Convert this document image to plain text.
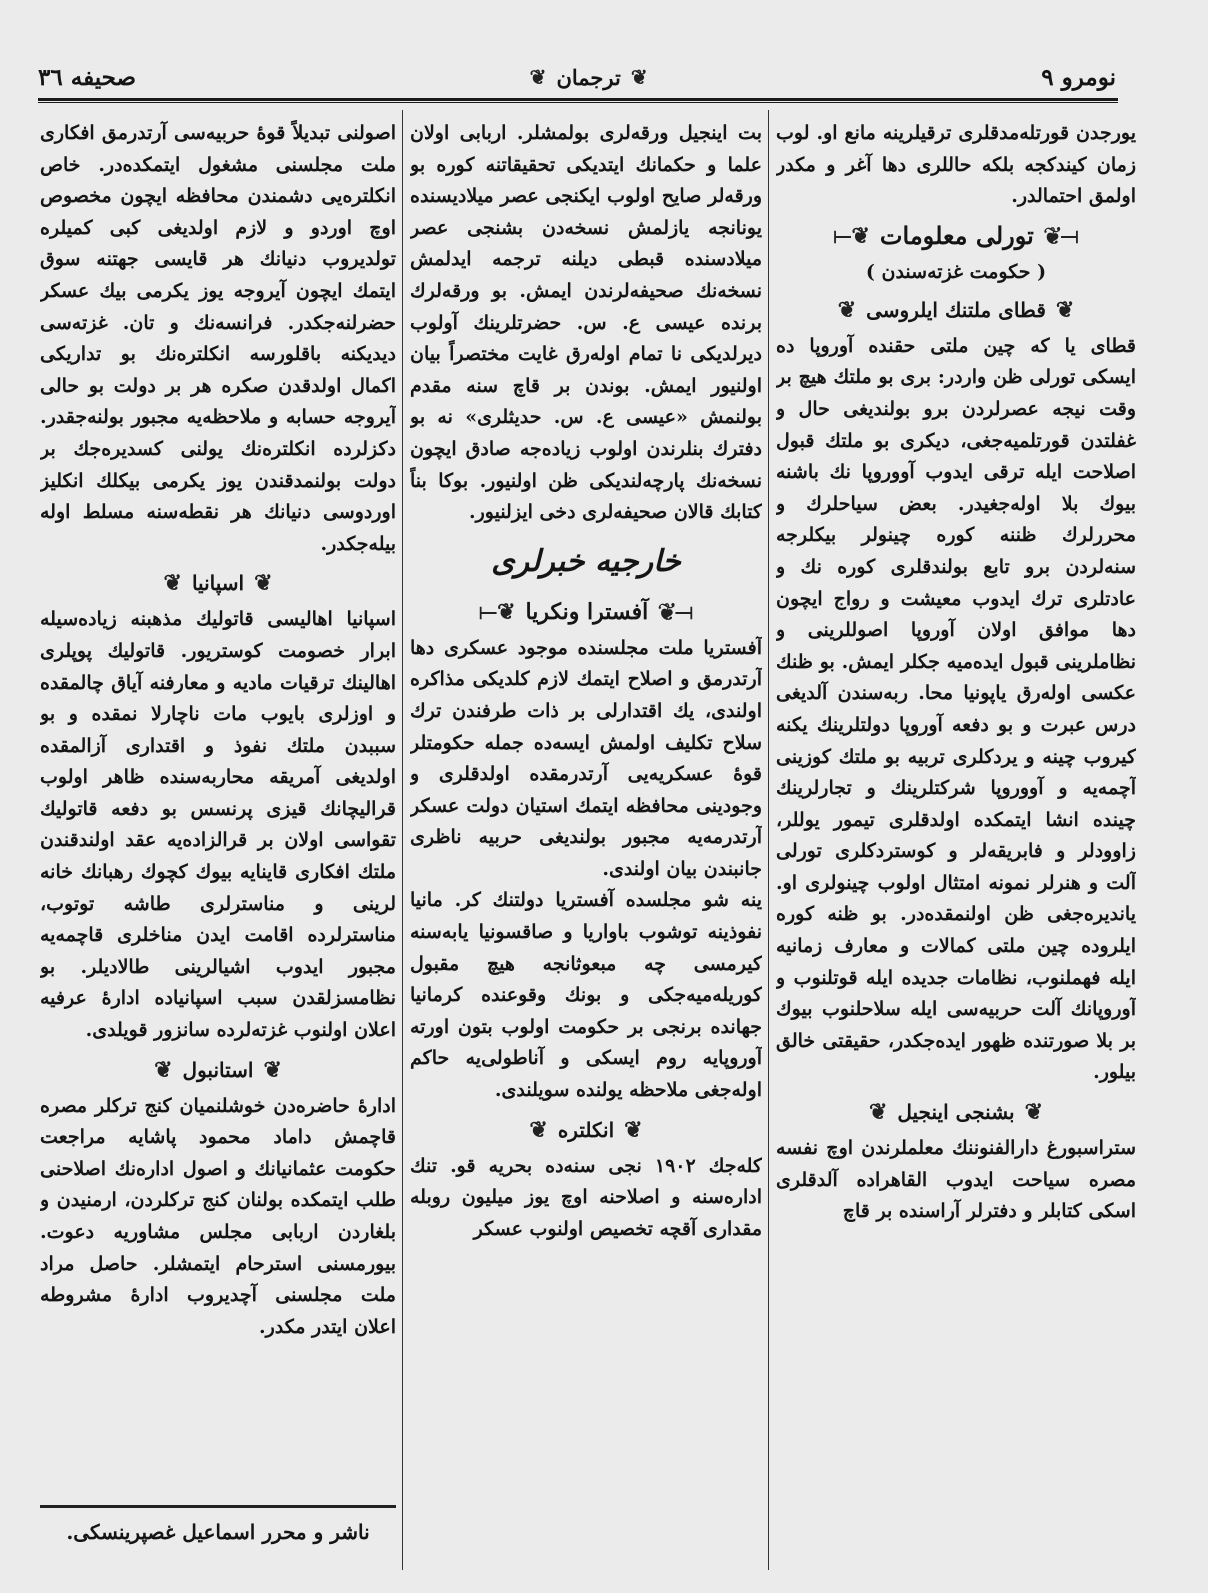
نومرو ۹
❦
ترجمان
❦
صحيفه ۳٦

يورجدن قورتلەمدقلرى ترقيلرينه مانع او. لوب زمان كيندكجه بلكه حاللرى دها آغر و مكدر اولمق احتمالدر.

⟝❦
تورلى معلومات
❦⟞
( حكومت غزته‌سندن )
❦
قطاى ملتنك ايلروسى
❦

قطاى يا كه چين ملتى حقنده آوروپا ده ايسكى تورلى ظن واردر: برى بو ملتك هيچ بر وقت نيجه عصرلردن برو بولنديغى حال و غفلتدن قورتلميەجغى، ديكرى بو ملتك قبول اصلاحت ايله ترقى ايدوب آووروپا نك باشنه بيوك بلا اوله‌جغيدر. بعض سياحلرك و محررلرك ظننه كوره چينولر بيكلرجه سنه‌لردن برو تابع بولندقلرى كوره نك و عادتلرى ترك ايدوب معيشت و رواج ايچون دها موافق اولان آوروپا اصوللرينى و نظاملرينى قبول ايدەميه جكلر ايمش. بو ظنك عكسى اوله‌رق ياپونيا محا. ربه‌سندن آلديغى درس عبرت و بو دفعه آوروپا دولتلرينك يكنه كيروب چينه و يردكلرى تربيه بو ملتك كوزينى آچمه‌يه و آووروپا شركتلرينك و تجارلرينك چينده انشا ايتمكده اولدقلرى تيمور يوللر، زاوودلر و فابريقه‌لر و كوستردكلرى تورلى آلت و هنرلر نمونه‌ امتثال اولوب چينولرى او. ياندیره‌جغى ظن اولنمقده‌در. بو ظنه كوره ايلروده چين ملتى كمالات و معارف زمانيه ايله فهملنوب، نظامات جديده ايله قوتلنوب و آوروپانك آلت حربيه‌سى ايله سلاحلنوب بيوك بر بلا صورتنده ظهور ايده‌جكدر، حقيقتى خالق بيلور.

❦
بشنجى اينجيل
❦

ستراسبورغ دارالفنوننك معلملرندن اوچ نفسه مصره سياحت ايدوب القاهراده آلدقلرى اسكى كتابلر و دفترلر آراسنده بر قاچ

بت اينجيل ورقه‌لرى بولمشلر. اربابى اولان علما و حكمانك ايتديكى تحقيقاتنه كوره بو ورقه‌لر صايح اولوب ايكنجى عصر ميلاديسنده يونانجه يازلمش نسخه‌دن بشنجى عصر ميلادسنده قبطى ديلنه ترجمه ايدلمش نسخه‌نك صحيفه‌لرندن ايمش. بو ورقه‌لرك برنده عيسى ع. س. حضرتلرينك آولوب ديرلديكى نا تمام اوله‌رق غايت مختصراً بيان اولنيور ايمش. بوندن بر قاچ سنه مقدم بولنمش «عيسى ع. س. حديثلرى» نه بو دفترك بنلرندن اولوب زياده‌جه صادق ايچون نسخه‌نك پارچه‌لنديكى ظن اولنيور. بوكا بناً كتابك قالان صحيفه‌لرى دخى ايزلنيور.

خارجيه خبرلرى
⟝❦
آفسترا ونكريا
❦⟞

آفستريا ملت مجلسنده موجود عسكرى دها آرتدرمق و اصلاح ايتمك لازم كلديكى مذاكره اولندى، يك اقتدارلى بر ذات طرفندن ترك سلاح تكليف اولمش ايسه‌ده جمله حكومتلر قوهٔ عسكريه‌يى آرتدرمقده اولدقلرى و وجودينى محافظه ايتمك استيان دولت عسكر آرتدرمه‌يه مجبور بولنديغى حربيه ناظرى جانبندن بيان اولندى.

ينه شو مجلسده آفستريا دولتنك كر. مانيا نفوذينه توشوب باواريا و صاقسونيا يابه‌سنه كيرمسى چه مبعوثانجه هيچ مقبول كوريله‌میه‌جكى و بونك وقوعنده كرمانيا جهانده برنجى بر حكومت اولوب بتون اورته آوروپايه روم ايسكى و آناطولى‌يه حاكم اوله‌جغى ملاحظه يولنده سويلندى.

❦
انكلتره
❦

كله‌جك ۱۹۰۲ نجى سنه‌ده بحريه قو. تنك ادارەسنه و اصلاحنه اوچ يوز ميليون روبله مقدارى آقچه تخصيص اولنوب عسكر

اصولنى تبديلاً قوهٔ حربيه‌سى آرتدرمق افكارى ملت مجلسنى مشغول ايتمكده‌در. خاص انكلتره‌يى دشمندن محافظه ايچون مخصوص اوچ اوردو و لازم اولديغى كبى كميلره تولديروب دنيانك هر قايسى جهتنه سوق ايتمك ايچون آيروجه يوز يكرمى بيك عسكر حضرلنه‌جكدر. فرانسه‌نك و تان. غزته‌سى ديديكنه باقلورسه انكلتره‌نك بو تداريكى اكمال اولدقدن صكره هر بر دولت بو حالى آيروجه حسابه و ملاحظه‌يه مجبور بولنه‌جقدر. دكزلرده انكلتره‌نك يولنى كسديره‌جك بر دولت بولنمدقندن يوز يكرمى بيكلك انكليز اوردوسى دنيانك هر نقطه‌سنه مسلط اوله بيله‌جكدر.

❦
اسپانيا
❦

اسپانيا اهاليسى قاتوليك مذهبنه زياده‌سيله ابرار خصومت كوستريور. قاتوليك پوپلرى اهالينك ترقيات ماديه و معارفنه آياق چالمقده و اوزلرى بايوب مات ناچارلا نمقده و بو سببدن ملتك نفوذ و اقتدارى آزالمقده اولديغى آمريقه محاربه‌سنده ظاهر اولوب قراليچانك قيزى پرنسس بو دفعه قاتوليك تقواسى اولان بر قرالزاده‌يه عقد اولندقندن ملتك افكارى قاينايه بيوك كچوك رهبانك خانه لرينى و مناسترلرى طاشه توتوب، مناسترلرده اقامت ايدن مناخلرى قاچمه‌يه مجبور ايدوب اشيالرينى طالادیلر. بو نظامسزلقدن سبب اسپانياده ادارهٔ عرفيه اعلان اولنوب غزته‌لرده سانزور قويلدى.

❦
استانبول
❦

ادارهٔ حاضره‌دن خوشلنميان كنج تركلر مصره قاچمش داماد محمود پاشايه مراجعت حكومت عثمانيانك و اصول ادارەنك اصلاحنى طلب ايتمكده بولنان كنج تركلردن، ارمنيدن و بلغاردن اربابى مجلس مشاوريه دعوت. بيورمسنى استرحام ايتمشلر. حاصل مراد ملت مجلسنى آچديروب ادارهٔ مشروطه اعلان ايتدر مكدر.

ناشر و محرر اسماعيل غصپرينسكى.
